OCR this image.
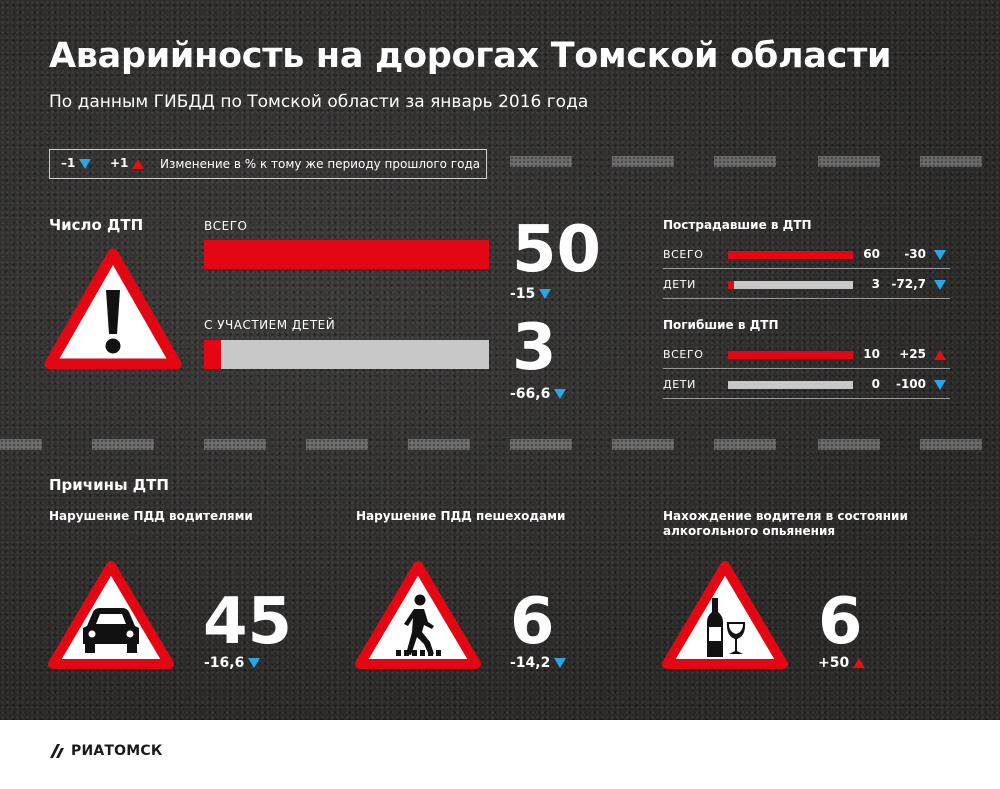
Аварийность на дорогах Томской области

По данным ГИБДД по Томской области за январь 2016 года

–1	+1	Изменение в % к тому же периоду прошлого года
Число ДТП	ВСЕГО	50
-15
С УЧАСТИЕМ ДЕТЕЙ	3
-66,6
Пострадавшие в ДТП
ВСЕГО	60 -30
ДЕТИ	3 -72,7
Погибшие в ДТП
ВСЕГО	10 +25
ДЕТИ	0 -100
Причины ДТП
Нарушение ПДД водителями
45
-16,6
Нарушение ПДД пешеходами
6
-14,2
Нахождение водителя в состоянии алкогольного опьянения
6
+50
РИАТОМСК
